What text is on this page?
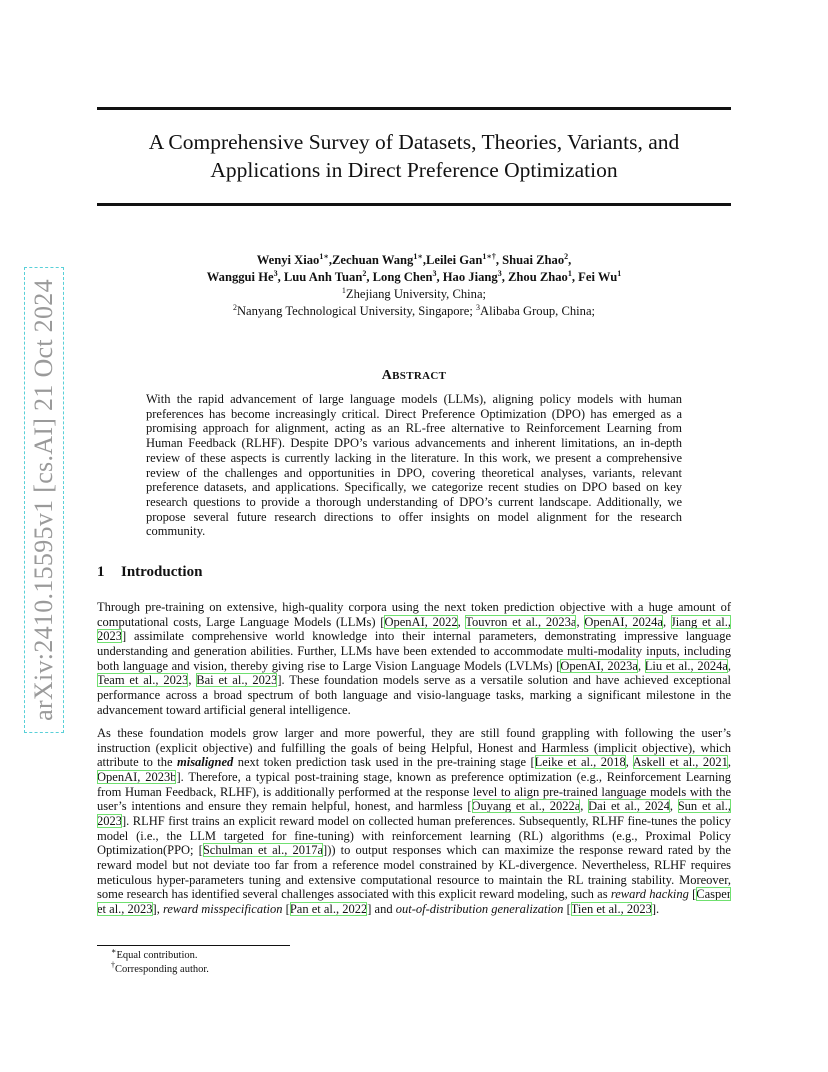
arXiv:2410.15595v1 [cs.AI] 21 Oct 2024
A Comprehensive Survey of Datasets, Theories, Variants, and Applications in Direct Preference Optimization
Wenyi Xiao$^{1∗}$,Zechuan Wang$^{1∗}$,Leilei Gan$^{1∗\dagger}$, Shuai Zhao$^2$,
Wanggui He$^3$, Luu Anh Tuan$^2$, Long Chen$^3$, Hao Jiang$^3$, Zhou Zhao$^1$, Fei Wu$^1$
$^1$Zhejiang University, China;
$^2$Nanyang Technological University, Singapore; $^3$Alibaba Group, China;
ABSTRACT
With the rapid advancement of large language models (LLMs), aligning policy models with human preferences has become increasingly critical. Direct Preference Optimization (DPO) has emerged as a promising approach for alignment, acting as an RL-free alternative to Reinforcement Learning from Human Feedback (RLHF). Despite DPO’s various advancements and inherent limitations, an in-depth review of these aspects is currently lacking in the literature. In this work, we present a comprehensive review of the challenges and opportunities in DPO, covering theoretical analyses, variants, relevant preference datasets, and applications. Specifically, we categorize recent studies on DPO based on key research questions to provide a thorough understanding of DPO’s current landscape. Additionally, we propose several future research directions to offer insights on model alignment for the research community.
1 Introduction
Through pre-training on extensive, high-quality corpora using the next token prediction objective with a huge amount of computational costs, Large Language Models (LLMs) [OpenAI, 2022, Touvron et al., 2023a, OpenAI, 2024a, Jiang et al., 2023] assimilate comprehensive world knowledge into their internal parameters, demonstrating impressive language understanding and generation abilities. Further, LLMs have been extended to accommodate multi-modality inputs, including both language and vision, thereby giving rise to Large Vision Language Models (LVLMs) [OpenAI, 2023a, Liu et al., 2024a, Team et al., 2023, Bai et al., 2023]. These foundation models serve as a versatile solution and have achieved exceptional performance across a broad spectrum of both language and visio-language tasks, marking a significant milestone in the advancement toward artificial general intelligence.
As these foundation models grow larger and more powerful, they are still found grappling with following the user’s instruction (explicit objective) and fulfilling the goals of being Helpful, Honest and Harmless (implicit objective), which attribute to the misaligned next token prediction task used in the pre-training stage [Leike et al., 2018, Askell et al., 2021, OpenAI, 2023b]. Therefore, a typical post-training stage, known as preference optimization (e.g., Reinforcement Learning from Human Feedback, RLHF), is additionally performed at the response level to align pre-trained language models with the user’s intentions and ensure they remain helpful, honest, and harmless [Ouyang et al., 2022a, Dai et al., 2024, Sun et al., 2023]. RLHF first trains an explicit reward model on collected human preferences. Subsequently, RLHF fine-tunes the policy model (i.e., the LLM targeted for fine-tuning) with reinforcement learning (RL) algorithms (e.g., Proximal Policy Optimization(PPO; [Schulman et al., 2017a])) to output responses which can maximize the response reward rated by the reward model but not deviate too far from a reference model constrained by KL-divergence. Nevertheless, RLHF requires meticulous hyper-parameters tuning and extensive computational resource to maintain the RL training stability. Moreover, some research has identified several challenges associated with this explicit reward modeling, such as reward hacking [Casper et al., 2023], reward misspecification [Pan et al., 2022] and out-of-distribution generalization [Tien et al., 2023].
∗Equal contribution.
†Corresponding author.
